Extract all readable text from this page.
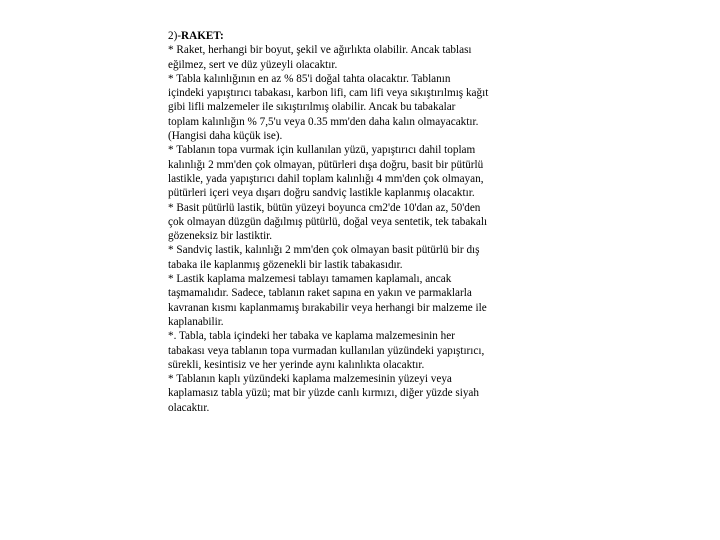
2)-RAKET:
* Raket, herhangi bir boyut, şekil ve ağırlıkta olabilir. Ancak tablası
eğilmez, sert ve düz yüzeyli olacaktır.
* Tabla kalınlığının en az % 85'i doğal tahta olacaktır. Tablanın
içindeki yapıştırıcı tabakası, karbon lifi, cam lifi veya sıkıştırılmış kağıt
gibi lifli malzemeler ile sıkıştırılmış olabilir. Ancak bu tabakalar
toplam kalınlığın % 7,5'u veya 0.35 mm'den daha kalın olmayacaktır.
(Hangisi daha küçük ise).
* Tablanın topa vurmak için kullanılan yüzü, yapıştırıcı dahil toplam
kalınlığı 2 mm'den çok olmayan, pütürleri dışa doğru, basit bir pütürlü
lastikle, yada yapıştırıcı dahil toplam kalınlığı 4 mm'den çok olmayan,
pütürleri içeri veya dışarı doğru sandviç lastikle kaplanmış olacaktır.
* Basit pütürlü lastik, bütün yüzeyi boyunca cm2'de 10'dan az, 50'den
çok olmayan düzgün dağılmış pütürlü, doğal veya sentetik, tek tabakalı
gözeneksiz bir lastiktir.
* Sandviç lastik, kalınlığı 2 mm'den çok olmayan basit pütürlü bir dış
tabaka ile kaplanmış gözenekli bir lastik tabakasıdır.
* Lastik kaplama malzemesi tablayı tamamen kaplamalı, ancak
taşmamalıdır. Sadece, tablanın raket sapına en yakın ve parmaklarla
kavranan kısmı kaplanmamış bırakabilir veya herhangi bir malzeme ile
kaplanabilir.
*. Tabla, tabla içindeki her tabaka ve kaplama malzemesinin her
tabakası veya tablanın topa vurmadan kullanılan yüzündeki yapıştırıcı,
sürekli, kesintisiz ve her yerinde aynı kalınlıkta olacaktır.
* Tablanın kaplı yüzündeki kaplama malzemesinin yüzeyi veya
kaplamasız tabla yüzü; mat bir yüzde canlı kırmızı, diğer yüzde siyah
olacaktır.
